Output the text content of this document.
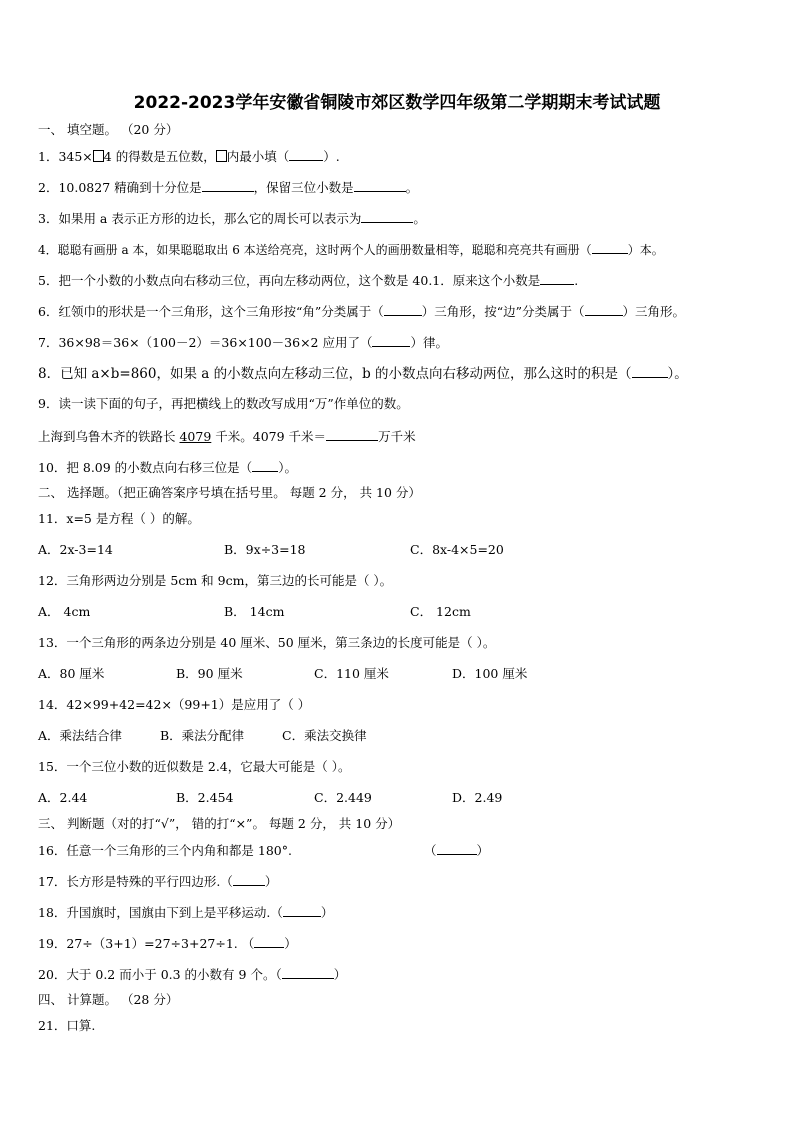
2022-2023学年安徽省铜陵市郊区数学四年级第二学期期末考试试题
一、 填空题。 （20 分）
1．345× 4 的得数是五位数， 内最小填（	）.
2．10.0827 精确到十分位是	，保留三位小数是	。
3．如果用 a 表示正方形的边长，那么它的周长可以表示为	。
4．聪聪有画册 a 本，如果聪聪取出 6 本送给亮亮，这时两个人的画册数量相等，聪聪和亮亮共有画册（	）本。
5．把一个小数的小数点向右移动三位，再向左移动两位，这个数是 40.1．原来这个小数是	.
6．红领巾的形状是一个三角形，这个三角形按“角”分类属于（	）三角形，按“边”分类属于（	）三角形。
7．36×98＝36×（100－2）＝36×100－36×2 应用了（	）律。
8．已知 a×b=860，如果 a 的小数点向左移动三位，b 的小数点向右移动两位，那么这时的积是（	）。
9．读一读下面的句子，再把横线上的数改写成用“万”作单位的数。
上海到乌鲁木齐的铁路长 4079 千米。4079 千米＝	万千米
10．把 8.09 的小数点向右移三位是（ ）。
二、 选择题。（把正确答案序号填在括号里。 每题 2 分， 共 10 分）
11．x=5 是方程（ ）的解。
A．2x-3=14	B．9x÷3=18	C．8x-4×5=20
12．三角形两边分别是 5cm 和 9cm，第三边的长可能是（ ）。
A． 4cm	B． 14cm	C． 12cm
13．一个三角形的两条边分别是 40 厘米、50 厘米，第三条边的长度可能是（ ）。
A．80 厘米	B．90 厘米	C．110 厘米	D．100 厘米
14．42×99+42=42×（99+1）是应用了（ ）
A．乘法结合律	B．乘法分配律	C．乘法交换律
15．一个三位小数的近似数是 2.4，它最大可能是（ ）。
A．2.44	B．2.454	C．2.449	D．2.49
三、 判断题（对的打“√”， 错的打“×”。 每题 2 分， 共 10 分）
16．任意一个三角形的三个内角和都是 180°.	（	）
17．长方形是特殊的平行四边形.（	）
18．升国旗时，国旗由下到上是平移运动.（	）
19．27÷（3+1）=27÷3+27÷1. （ ）
20．大于 0.2 而小于 0.3 的小数有 9 个。（	）
四、 计算题。 （28 分）
21．口算.
